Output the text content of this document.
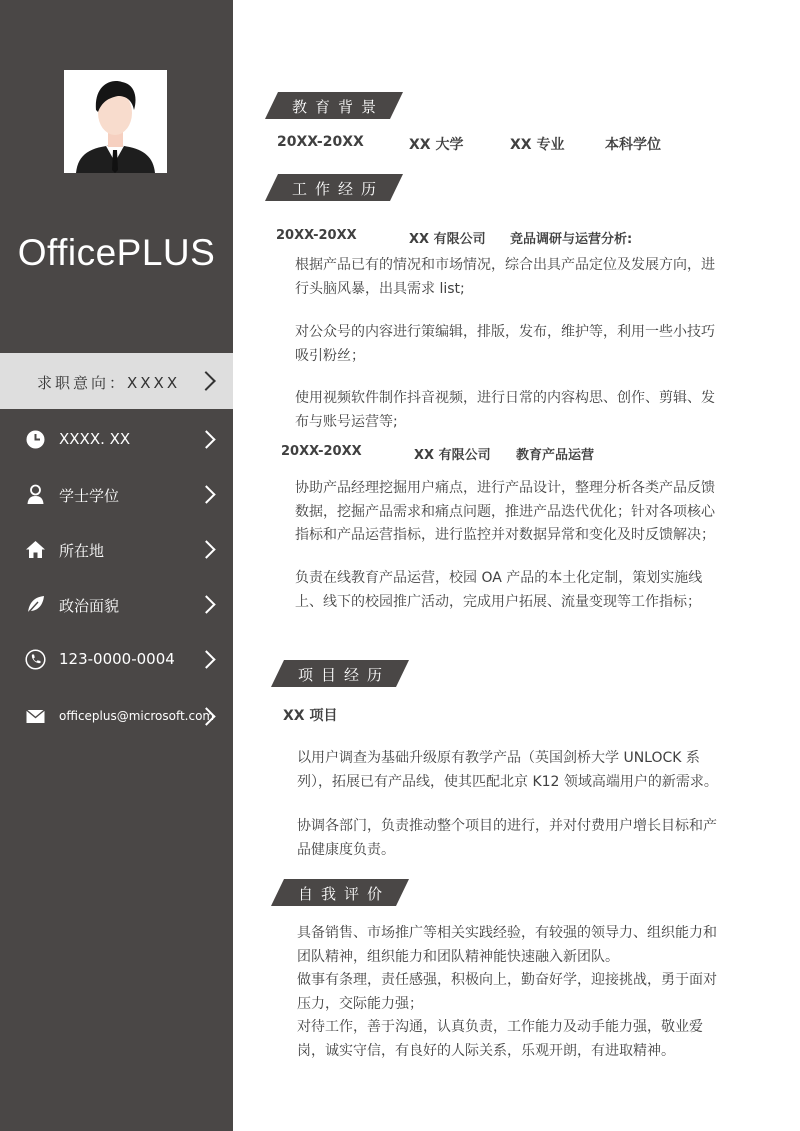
OfficePLUS
求职意向：XXXX
XXXX. XX
学士学位
所在地
政治面貌
123-0000-0004
officeplus@microsoft.com
教育背景
20XX-20XX	XX 大学	XX 专业	本科学位
工作经历
20XX-20XX	XX 有限公司 竞品调研与运营分析:
根据产品已有的情况和市场情况，综合出具产品定位及发展方向，进行头脑风暴，出具需求 list;
对公众号的内容进行策编辑，排版，发布，维护等，利用一些小技巧吸引粉丝；
使用视频软件制作抖音视频，进行日常的内容构思、创作、剪辑、发布与账号运营等;
20XX-20XX	XX 有限公司 教育产品运营
协助产品经理挖掘用户痛点，进行产品设计，整理分析各类产品反馈数据，挖掘产品需求和痛点问题，推进产品迭代优化；针对各项核心指标和产品运营指标，进行监控并对数据异常和变化及时反馈解决；
负责在线教育产品运营，校园 OA 产品的本土化定制，策划实施线上、线下的校园推广活动，完成用户拓展、流量变现等工作指标；
项目经历
XX 项目
以用户调查为基础升级原有教学产品（英国剑桥大学 UNLOCK 系列），拓展已有产品线，使其匹配北京 K12 领域高端用户的新需求。
协调各部门，负责推动整个项目的进行，并对付费用户增长目标和产品健康度负责。
自我评价
具备销售、市场推广等相关实践经验，有较强的领导力、组织能力和团队精神，组织能力和团队精神能快速融入新团队。
做事有条理，责任感强，积极向上，勤奋好学，迎接挑战，勇于面对压力，交际能力强；
对待工作，善于沟通，认真负责，工作能力及动手能力强，敬业爱岗，诚实守信，有良好的人际关系，乐观开朗，有进取精神。
